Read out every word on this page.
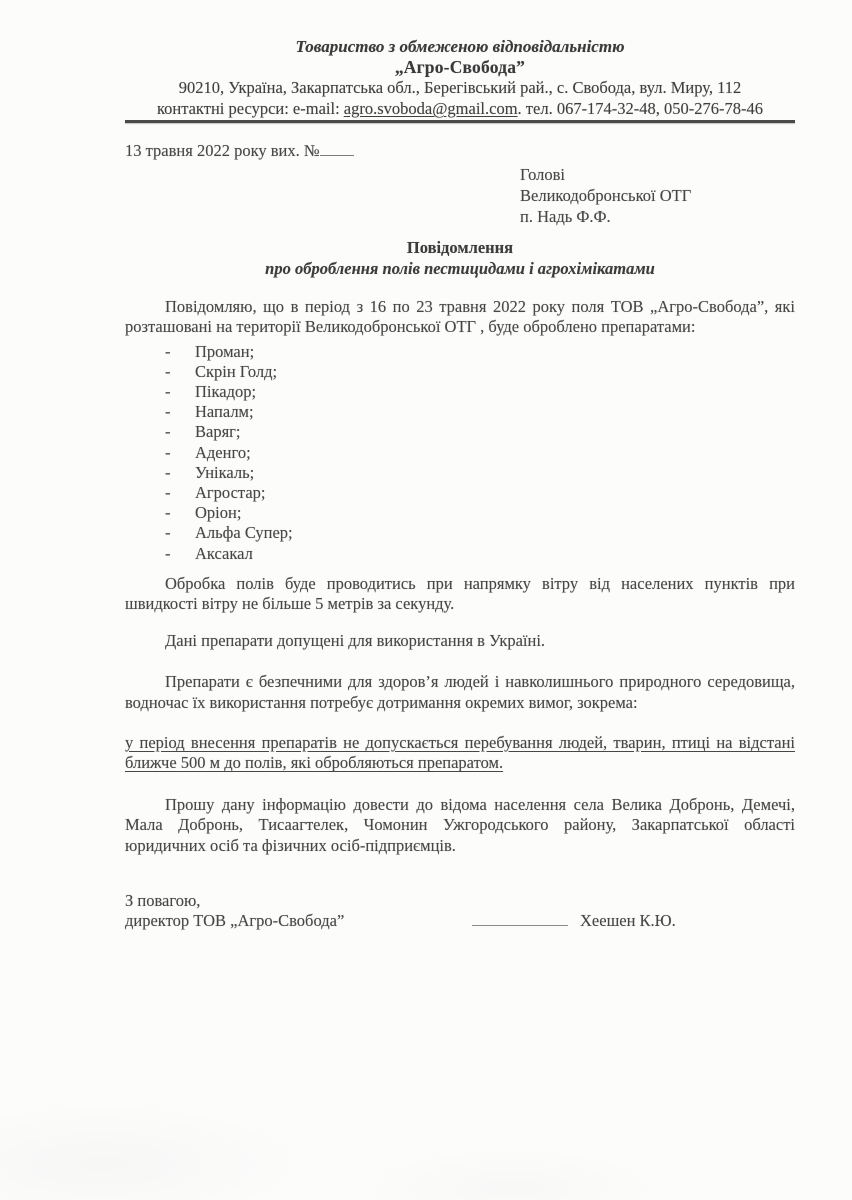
Товариство з обмеженою відповідальністю
„Агро-Свобода”
90210, Україна, Закарпатська обл., Берегівський рай., с. Свобода, вул. Миру, 112
контактні ресурси: e-mail: agro.svoboda@gmail.com. тел. 067-174-32-48, 050-276-78-46
13 травня 2022 року вих. №
Голові
Великодобронської ОТГ
п. Надь Ф.Ф.
Повідомлення
про оброблення полів пестицидами і агрохімікатами
Повідомляю, що в період з 16 по 23 травня 2022 року поля ТОВ „Агро-Свобода”, які розташовані на території Великодобронської ОТГ , буде оброблено препаратами:
- Проман;
- Скрін Голд;
- Пікадор;
- Напалм;
- Варяг;
- Аденго;
- Унікаль;
- Агростар;
- Оріон;
- Альфа Супер;
- Аксакал
Обробка полів буде проводитись при напрямку вітру від населених пунктів при швидкості вітру не більше 5 метрів за секунду.
Дані препарати допущені для використання в Україні.
Препарати є безпечними для здоров’я людей і навколишнього природного середовища, водночас їх використання потребує дотримання окремих вимог, зокрема:
у період внесення препаратів не допускається перебування людей, тварин, птиці на відстані ближче 500 м до полів, які обробляються препаратом.
Прошу дану інформацію довести до відома населення села Велика Добронь, Демечі, Мала Добронь, Тисаагтелек, Чомонин Ужгородського району, Закарпатської області юридичних осіб та фізичних осіб-підприємців.
З повагою,
директор ТОВ „Агро-Свобода”	Хеешен К.Ю.
